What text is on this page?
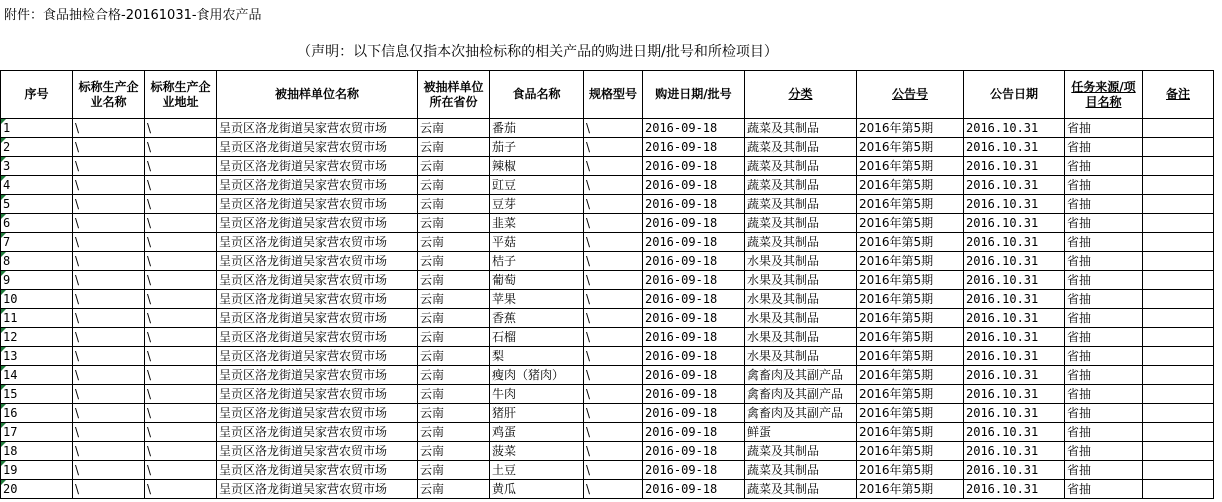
附件：食品抽检合格-20161031-食用农产品
（声明：以下信息仅指本次抽检标称的相关产品的购进日期/批号和所检项目）
序号	标称生产企业名称	标称生产企业地址	被抽样单位名称	被抽样单位所在省份	食品名称	规格型号	购进日期/批号	分类	公告号	公告日期	任务来源/项目名称	备注
1	\	\	呈贡区洛龙街道吴家营农贸市场	云南	番茄	\	2016-09-18	蔬菜及其制品	2016年第5期	2016.10.31	省抽	
2	\	\	呈贡区洛龙街道吴家营农贸市场	云南	茄子	\	2016-09-18	蔬菜及其制品	2016年第5期	2016.10.31	省抽	
3	\	\	呈贡区洛龙街道吴家营农贸市场	云南	辣椒	\	2016-09-18	蔬菜及其制品	2016年第5期	2016.10.31	省抽	
4	\	\	呈贡区洛龙街道吴家营农贸市场	云南	豇豆	\	2016-09-18	蔬菜及其制品	2016年第5期	2016.10.31	省抽	
5	\	\	呈贡区洛龙街道吴家营农贸市场	云南	豆芽	\	2016-09-18	蔬菜及其制品	2016年第5期	2016.10.31	省抽	
6	\	\	呈贡区洛龙街道吴家营农贸市场	云南	韭菜	\	2016-09-18	蔬菜及其制品	2016年第5期	2016.10.31	省抽	
7	\	\	呈贡区洛龙街道吴家营农贸市场	云南	平菇	\	2016-09-18	蔬菜及其制品	2016年第5期	2016.10.31	省抽	
8	\	\	呈贡区洛龙街道吴家营农贸市场	云南	桔子	\	2016-09-18	水果及其制品	2016年第5期	2016.10.31	省抽	
9	\	\	呈贡区洛龙街道吴家营农贸市场	云南	葡萄	\	2016-09-18	水果及其制品	2016年第5期	2016.10.31	省抽	
10	\	\	呈贡区洛龙街道吴家营农贸市场	云南	苹果	\	2016-09-18	水果及其制品	2016年第5期	2016.10.31	省抽	
11	\	\	呈贡区洛龙街道吴家营农贸市场	云南	香蕉	\	2016-09-18	水果及其制品	2016年第5期	2016.10.31	省抽	
12	\	\	呈贡区洛龙街道吴家营农贸市场	云南	石榴	\	2016-09-18	水果及其制品	2016年第5期	2016.10.31	省抽	
13	\	\	呈贡区洛龙街道吴家营农贸市场	云南	梨	\	2016-09-18	水果及其制品	2016年第5期	2016.10.31	省抽	
14	\	\	呈贡区洛龙街道吴家营农贸市场	云南	瘦肉（猪肉）	\	2016-09-18	禽畜肉及其副产品	2016年第5期	2016.10.31	省抽	
15	\	\	呈贡区洛龙街道吴家营农贸市场	云南	牛肉	\	2016-09-18	禽畜肉及其副产品	2016年第5期	2016.10.31	省抽	
16	\	\	呈贡区洛龙街道吴家营农贸市场	云南	猪肝	\	2016-09-18	禽畜肉及其副产品	2016年第5期	2016.10.31	省抽	
17	\	\	呈贡区洛龙街道吴家营农贸市场	云南	鸡蛋	\	2016-09-18	鲜蛋	2016年第5期	2016.10.31	省抽	
18	\	\	呈贡区洛龙街道吴家营农贸市场	云南	菠菜	\	2016-09-18	蔬菜及其制品	2016年第5期	2016.10.31	省抽	
19	\	\	呈贡区洛龙街道吴家营农贸市场	云南	土豆	\	2016-09-18	蔬菜及其制品	2016年第5期	2016.10.31	省抽	
20	\	\	呈贡区洛龙街道吴家营农贸市场	云南	黄瓜	\	2016-09-18	蔬菜及其制品	2016年第5期	2016.10.31	省抽	
